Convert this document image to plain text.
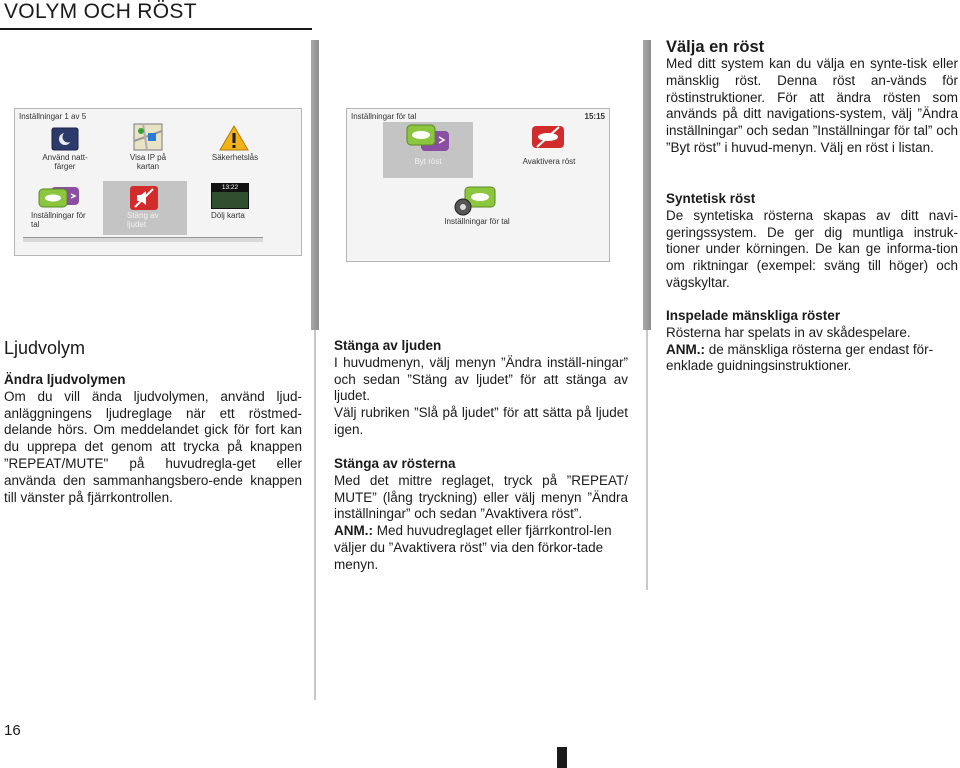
VOLYM OCH RÖST
Inställningar 1 av 5
Använd natt-färger
Visa IP på kartan
Säkerhetslås
Inställningar för tal
Stäng av ljudet
13:22
Dölj karta
Inställningar för tal	15:15
Byt röst	Avaktivera röst
Inställningar för tal
Välja en röst

Med ditt system kan du välja en synte-tisk eller mänsklig röst. Denna röst an-vänds för röstinstruktioner. För att ändra rösten som används på ditt navigations-system, välj ”Ändra inställningar” och sedan ”Inställningar för tal” och ”Byt röst” i huvud-menyn. Välj en röst i listan.

Syntetisk röst

De syntetiska rösterna skapas av ditt navi-geringssystem. De ger dig muntliga instruk-tioner under körningen. De kan ge informa-tion om riktningar (exempel: sväng till höger) och vägskyltar.

Inspelade mänskliga röster

Rösterna har spelats in av skådespelare.

ANM.: de mänskliga rösterna ger endast för-enklade guidningsinstruktioner.

Ljudvolym
Ändra ljudvolymen

Om du vill ända ljudvolymen, använd ljud-anläggningens ljudreglage när ett röstmed-delande hörs. Om meddelandet gick för fort kan du upprepa det genom att trycka på knappen ”REPEAT/MUTE" på huvudregla-get eller använda den sammanhangsbero-ende knappen till vänster på fjärrkontrollen.

Stänga av ljuden

I huvudmenyn, välj menyn ”Ändra inställ-ningar” och sedan ”Stäng av ljudet” för att stänga av ljudet.

Välj rubriken ”Slå på ljudet” för att sätta på ljudet igen.

Stänga av rösterna

Med det mittre reglaget, tryck på ”REPEAT/ MUTE” (lång tryckning) eller välj menyn ”Ändra inställningar” och sedan ”Avaktivera röst”.

ANM.: Med huvudreglaget eller fjärrkontrol-len väljer du ”Avaktivera röst” via den förkor-tade menyn.

16
